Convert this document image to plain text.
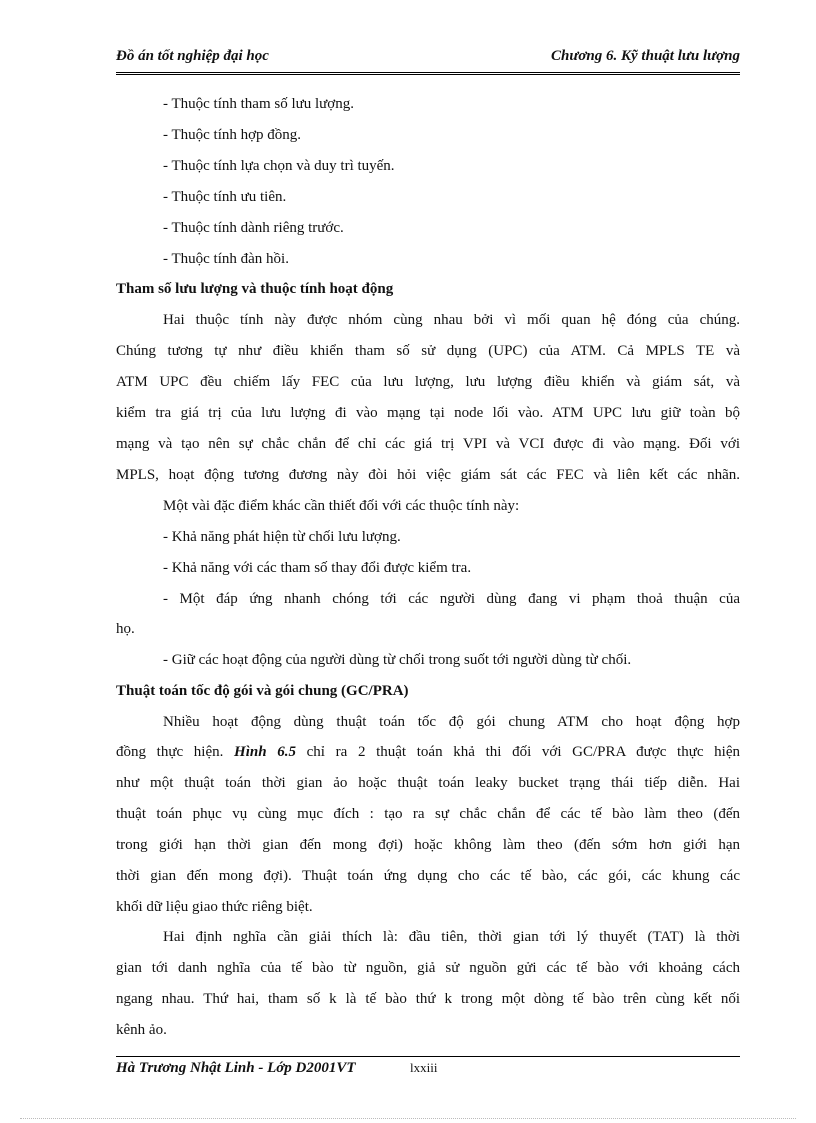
Đồ án tốt nghiệp đại học	Chương 6. Kỹ thuật lưu lượng
- Thuộc tính tham số lưu lượng.
- Thuộc tính hợp đồng.
- Thuộc tính lựa chọn và duy trì tuyến.
- Thuộc tính ưu tiên.
- Thuộc tính dành riêng trước.
- Thuộc tính đàn hồi.
Tham số lưu lượng và thuộc tính hoạt động
Hai thuộc tính này được nhóm cùng nhau bởi vì mối quan hệ đóng của chúng.
Chúng tương tự như điều khiển tham số sử dụng (UPC) của ATM. Cả MPLS TE và
ATM UPC đều chiếm lấy FEC của lưu lượng, lưu lượng điều khiển và giám sát, và
kiểm tra giá trị của lưu lượng đi vào mạng tại node lối vào. ATM UPC lưu giữ toàn bộ
mạng và tạo nên sự chắc chắn để chỉ các giá trị VPI và VCI được đi vào mạng. Đối với
MPLS, hoạt động tương đương này đòi hỏi việc giám sát các FEC và liên kết các nhãn.
Một vài đặc điểm khác cần thiết đối với các thuộc tính này:
- Khả năng phát hiện từ chối lưu lượng.
- Khả năng với các tham số thay đổi được kiểm tra.
- Một đáp ứng nhanh chóng tới các người dùng đang vi phạm thoả thuận của
họ.
- Giữ các hoạt động của người dùng từ chối trong suốt tới người dùng từ chối.
Thuật toán tốc độ gói và gói chung (GC/PRA)
Nhiều hoạt động dùng thuật toán tốc độ gói chung ATM cho hoạt động hợp
đồng thực hiện. Hình 6.5 chỉ ra 2 thuật toán khả thi đối với GC/PRA được thực hiện
như một thuật toán thời gian ảo hoặc thuật toán leaky bucket trạng thái tiếp diễn. Hai
thuật toán phục vụ cùng mục đích : tạo ra sự chắc chắn để các tế bào làm theo (đến
trong giới hạn thời gian đến mong đợi) hoặc không làm theo (đến sớm hơn giới hạn
thời gian đến mong đợi). Thuật toán ứng dụng cho các tế bào, các gói, các khung các
khối dữ liệu giao thức riêng biệt.
Hai định nghĩa cần giải thích là: đầu tiên, thời gian tới lý thuyết (TAT) là thời
gian tới danh nghĩa của tế bào từ nguồn, giả sử nguồn gửi các tế bào với khoảng cách
ngang nhau. Thứ hai, tham số k là tế bào thứ k trong một dòng tế bào trên cùng kết nối
kênh ảo.
Hà Trương Nhật Linh - Lớp D2001VT	lxxiii
